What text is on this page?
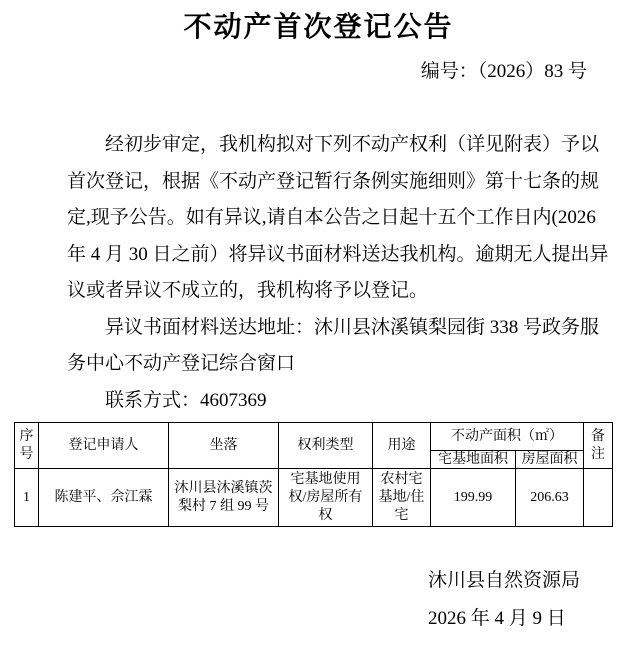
不动产首次登记公告
编号：（2026）83 号
经初步审定，我机构拟对下列不动产权利（详见附表）予以
首次登记，根据《不动产登记暂行条例实施细则》第十七条的规
定,现予公告。如有异议,请自本公告之日起十五个工作日内(2026
年 4 月 30 日之前）将异议书面材料送达我机构。逾期无人提出异
议或者异议不成立的，我机构将予以登记。
异议书面材料送达地址：沐川县沐溪镇梨园街 338 号政务服
务中心不动产登记综合窗口
联系方式：4607369
序号	登记申请人	坐落	权利类型	用途	不动产面积（㎡）		备注
					宅基地面积	房屋面积	
1	陈建平、佘江霖	沐川县沐溪镇茨梨村 7 组 99 号	宅基地使用权/房屋所有权	农村宅基地/住宅	199.99	206.63	
沐川县自然资源局
2026 年 4 月 9 日
